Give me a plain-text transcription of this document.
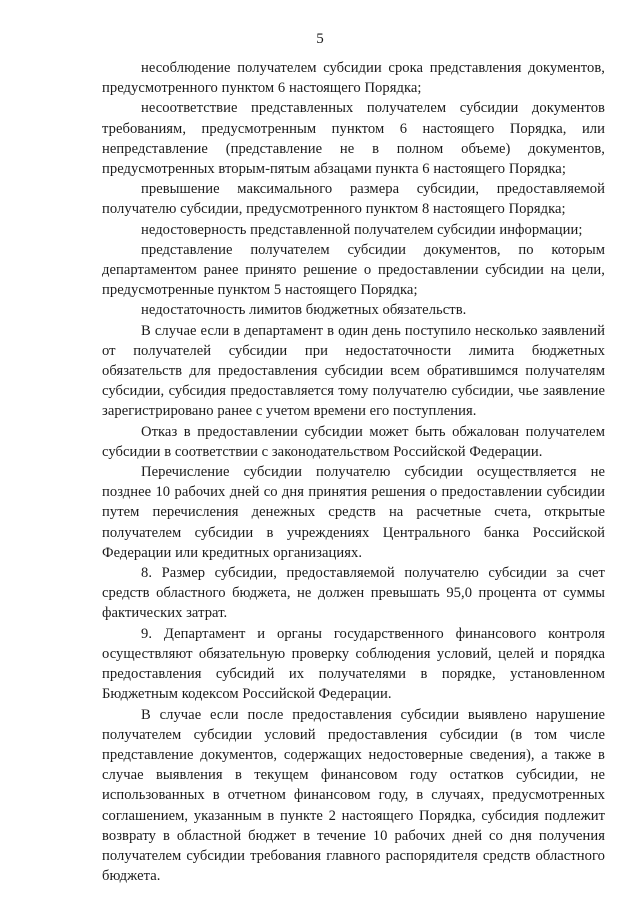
5

несоблюдение получателем субсидии срока представления документов, предусмотренного пунктом 6 настоящего Порядка;

несоответствие представленных получателем субсидии документов требованиям, предусмотренным пунктом 6 настоящего Порядка, или непредставление (представление не в полном объеме) документов, предусмотренных вторым-пятым абзацами пункта 6 настоящего Порядка;

превышение максимального размера субсидии, предоставляемой получателю субсидии, предусмотренного пунктом 8 настоящего Порядка;

недостоверность представленной получателем субсидии информации;

представление получателем субсидии документов, по которым департаментом ранее принято решение о предоставлении субсидии на цели, предусмотренные пунктом 5 настоящего Порядка;

недостаточность лимитов бюджетных обязательств.

В случае если в департамент в один день поступило несколько заявлений от получателей субсидии при недостаточности лимита бюджетных обязательств для предоставления субсидии всем обратившимся получателям субсидии, субсидия предоставляется тому получателю субсидии, чье заявление зарегистрировано ранее с учетом времени его поступления.

Отказ в предоставлении субсидии может быть обжалован получателем субсидии в соответствии с законодательством Российской Федерации.

Перечисление субсидии получателю субсидии осуществляется не позднее 10 рабочих дней со дня принятия решения о предоставлении субсидии путем перечисления денежных средств на расчетные счета, открытые получателем субсидии в учреждениях Центрального банка Российской Федерации или кредитных организациях.

8. Размер субсидии, предоставляемой получателю субсидии за счет средств областного бюджета, не должен превышать 95,0 процента от суммы фактических затрат.

9. Департамент и органы государственного финансового контроля осуществляют обязательную проверку соблюдения условий, целей и порядка предоставления субсидий их получателями в порядке, установленном Бюджетным кодексом Российской Федерации.

В случае если после предоставления субсидии выявлено нарушение получателем субсидии условий предоставления субсидии (в том числе представление документов, содержащих недостоверные сведения), а также в случае выявления в текущем финансовом году остатков субсидии, не использованных в отчетном финансовом году, в случаях, предусмотренных соглашением, указанным в пункте 2 настоящего Порядка, субсидия подлежит возврату в областной бюджет в течение 10 рабочих дней со дня получения получателем субсидии требования главного распорядителя средств областного бюджета.
